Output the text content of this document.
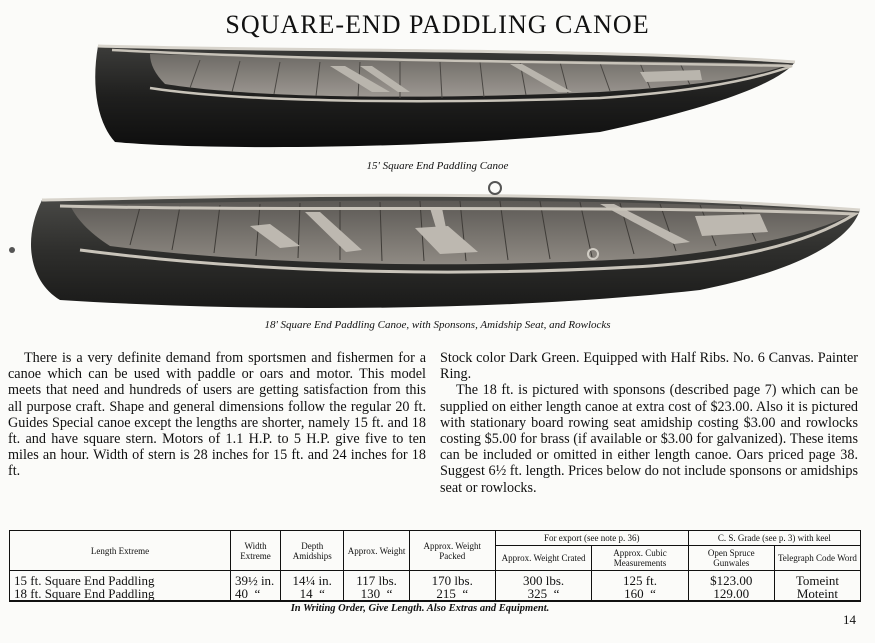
SQUARE-END PADDLING CANOE
15' Square End Paddling Canoe
18' Square End Paddling Canoe, with Sponsons, Amidship Seat, and Rowlocks

There is a very definite demand from sportsmen and fishermen for a canoe which can be used with paddle or oars and motor. This model meets that need and hundreds of users are getting satisfaction from this all purpose craft. Shape and general dimensions follow the regular 20 ft. Guides Special canoe except the lengths are shorter, namely 15 ft. and 18 ft. and have square stern. Motors of 1.1 H.P. to 5 H.P. give five to ten miles an hour. Width of stern is 28 inches for 15 ft. and 24 inches for 18 ft.

Stock color Dark Green. Equipped with Half Ribs. No. 6 Canvas. Painter Ring.

The 18 ft. is pictured with sponsons (described page 7) which can be supplied on either length canoe at extra cost of $23.00. Also it is pictured with stationary board rowing seat amidship costing $3.00 and rowlocks costing $5.00 for brass (if available or $3.00 for galvanized). These items can be included or omitted in either length canoe. Oars priced page 38. Suggest 6½ ft. length. Prices below do not include sponsons or amidships seat or rowlocks.

Length Extreme	Width Extreme	Depth Amidships	Approx. Weight	Approx. Weight Packed	For export (see note p. 36)		C. S. Grade (see p. 3) with keel	
					Approx. Weight Crated	Approx. Cubic Measurements	Open Spruce Gunwales	Telegraph Code Word
15 ft. Square End Paddling	39½ in.	14¼ in.	117 lbs.	170 lbs.	300 lbs.	125 ft.	$123.00	Tomeint
18 ft. Square End Paddling	40  “	14  “	130  “	215  “	325  “	160  “	129.00	Moteint
In Writing Order, Give Length. Also Extras and Equipment.
14
